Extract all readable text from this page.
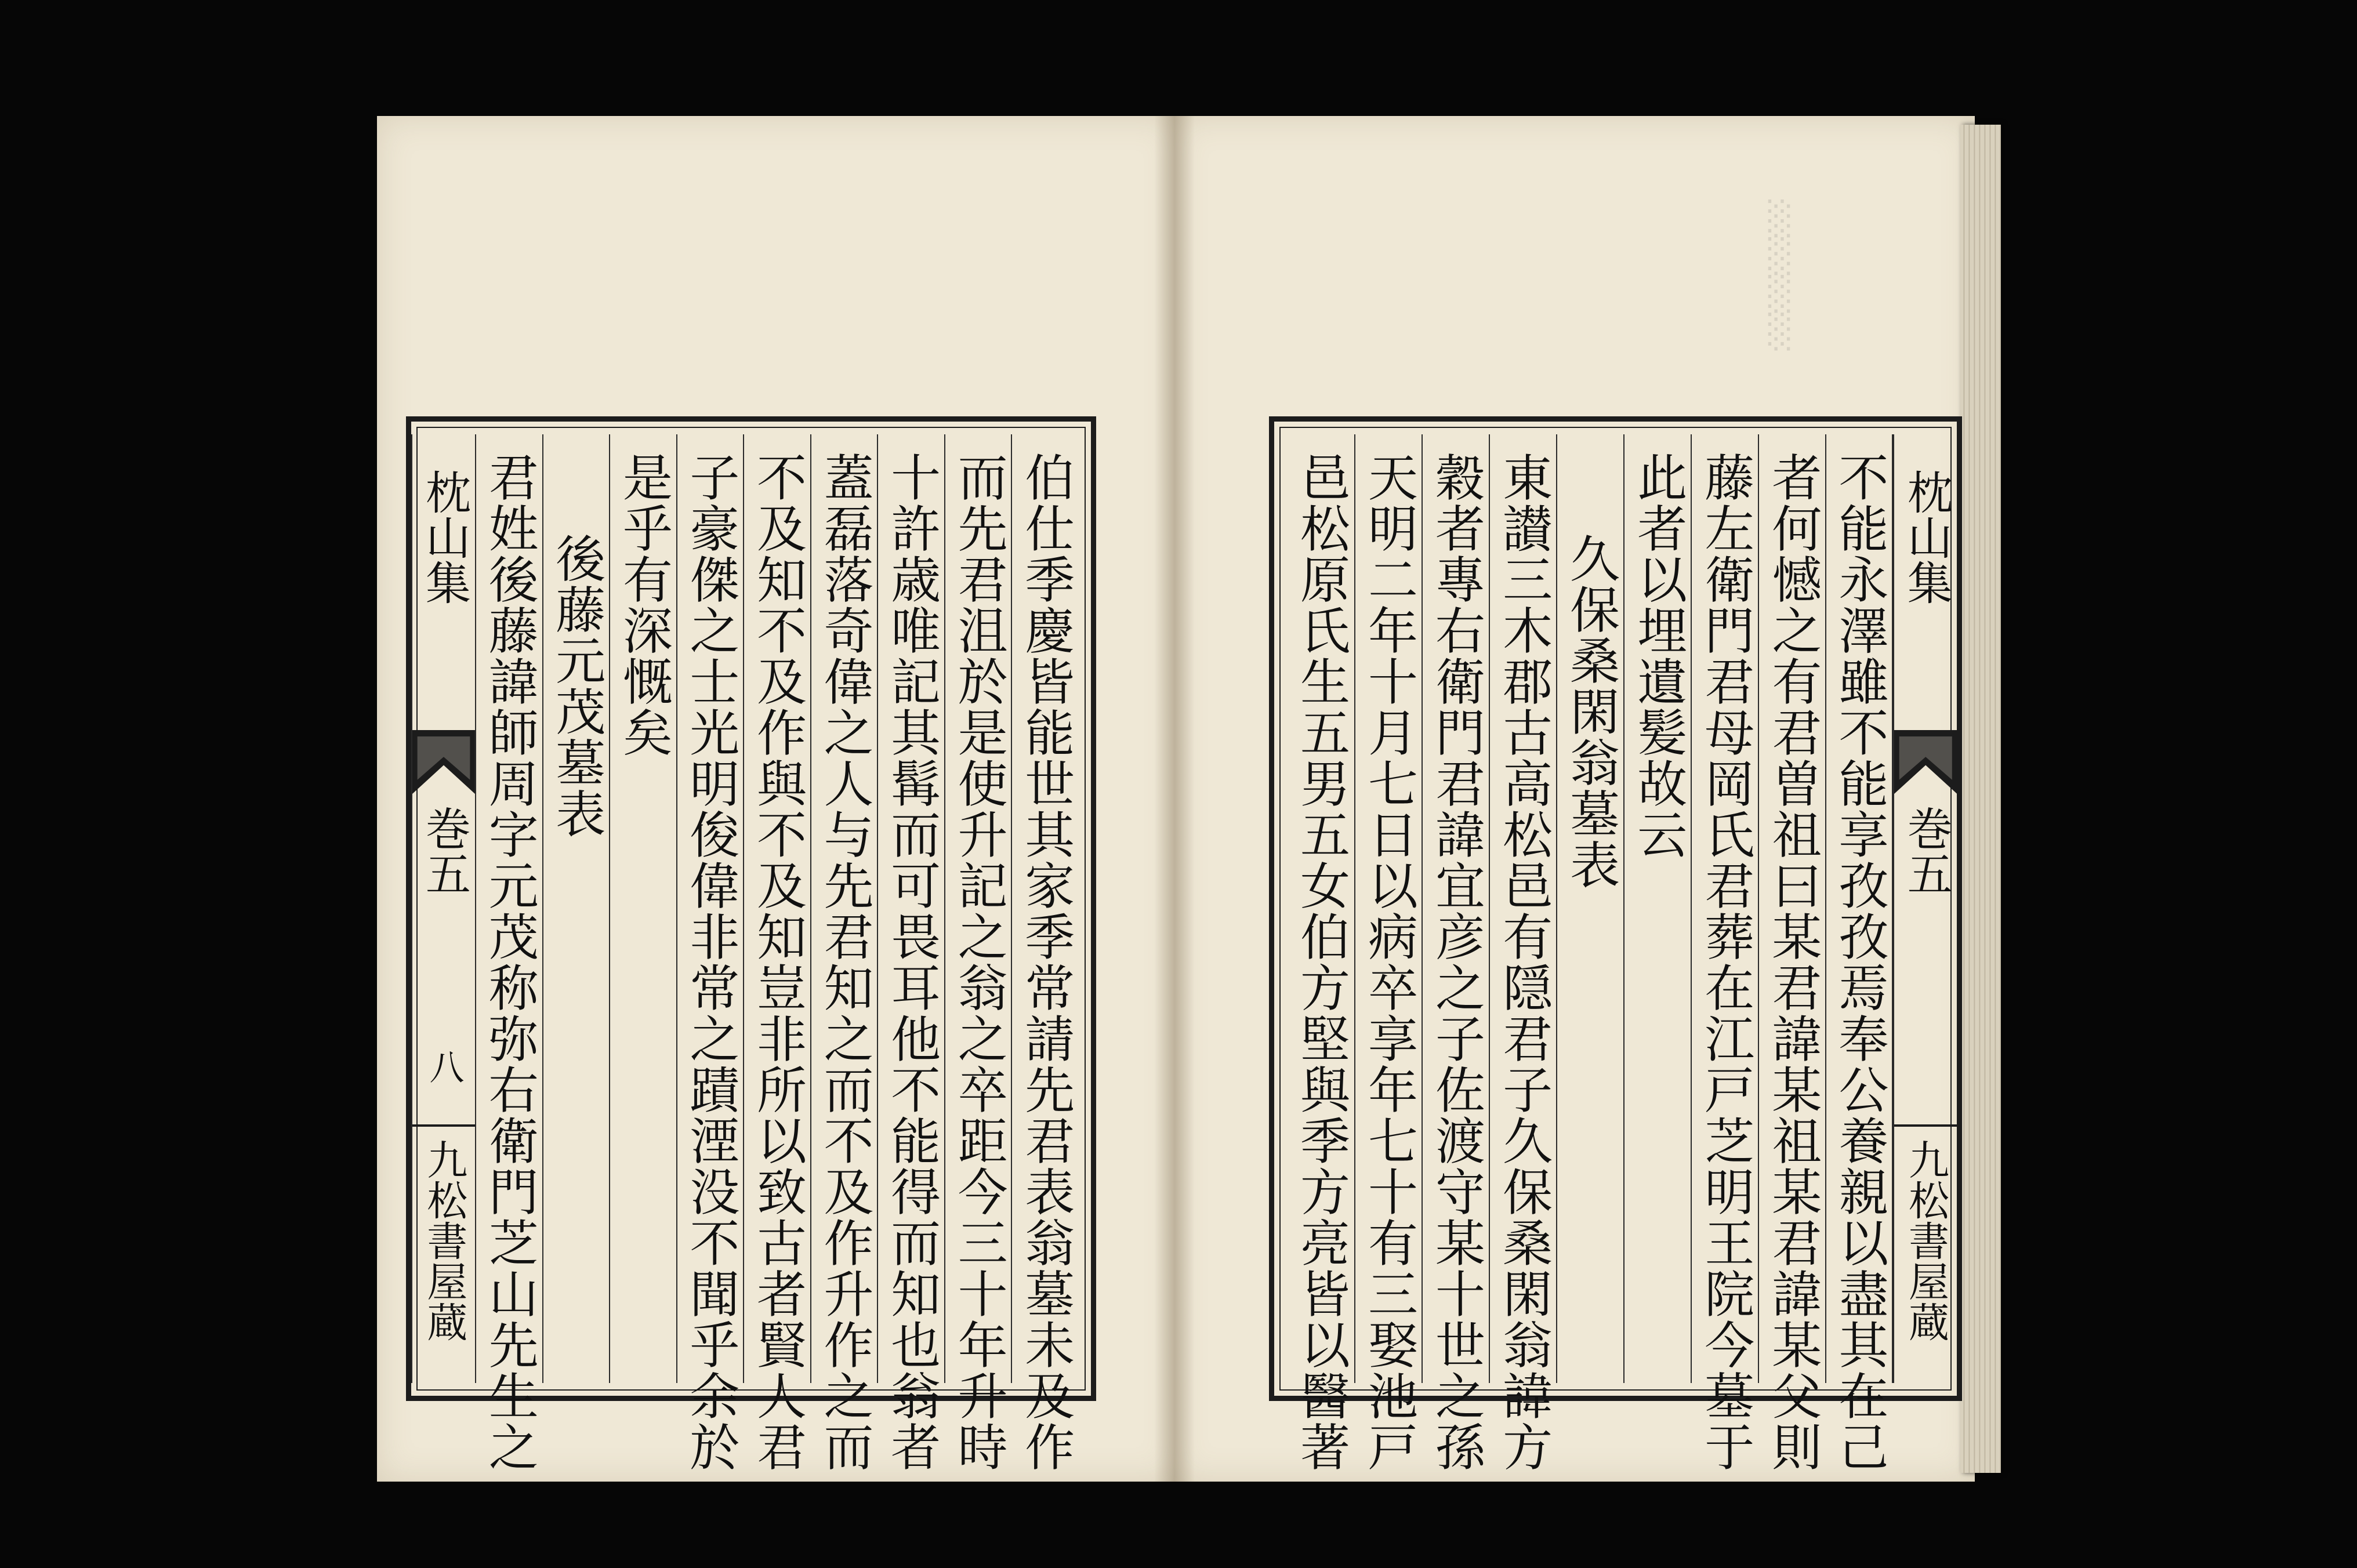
░░░░

伯仕季慶皆能世其家季常請先君表翁墓未及作
而先君沮於是使升記之翁之卒距今三十年升時
十許歳唯記其髯而可畏耳他不能得而知也翁者
蓋磊落奇偉之人与先君知之而不及作升作之而
不及知不及作與不及知豈非所以致古者賢人君
子豪傑之士光明俊偉非常之蹟湮没不聞乎余於
是乎有深慨矣
後藤元茂墓表
君姓後藤諱師周字元茂称弥右衛門芝山先生之
枕山集
巻五
八
九松書屋蔵
枕山集
巻五
九松書屋蔵
不能永澤雖不能享孜孜焉奉公養親以盡其在己
者何憾之有君曽祖曰某君諱某祖某君諱某父則
藤左衛門君母岡氏君葬在江戸芝明王院今墓于
此者以埋遺髪故云
久保桑閑翁墓表
東讃三木郡古高松邑有隠君子久保桑閑翁諱方
穀者專右衛門君諱宜彦之子佐渡守某十世之孫
天明二年十月七日以病卒享年七十有三娶池戸
邑松原氏生五男五女伯方堅與季方亮皆以醫著
